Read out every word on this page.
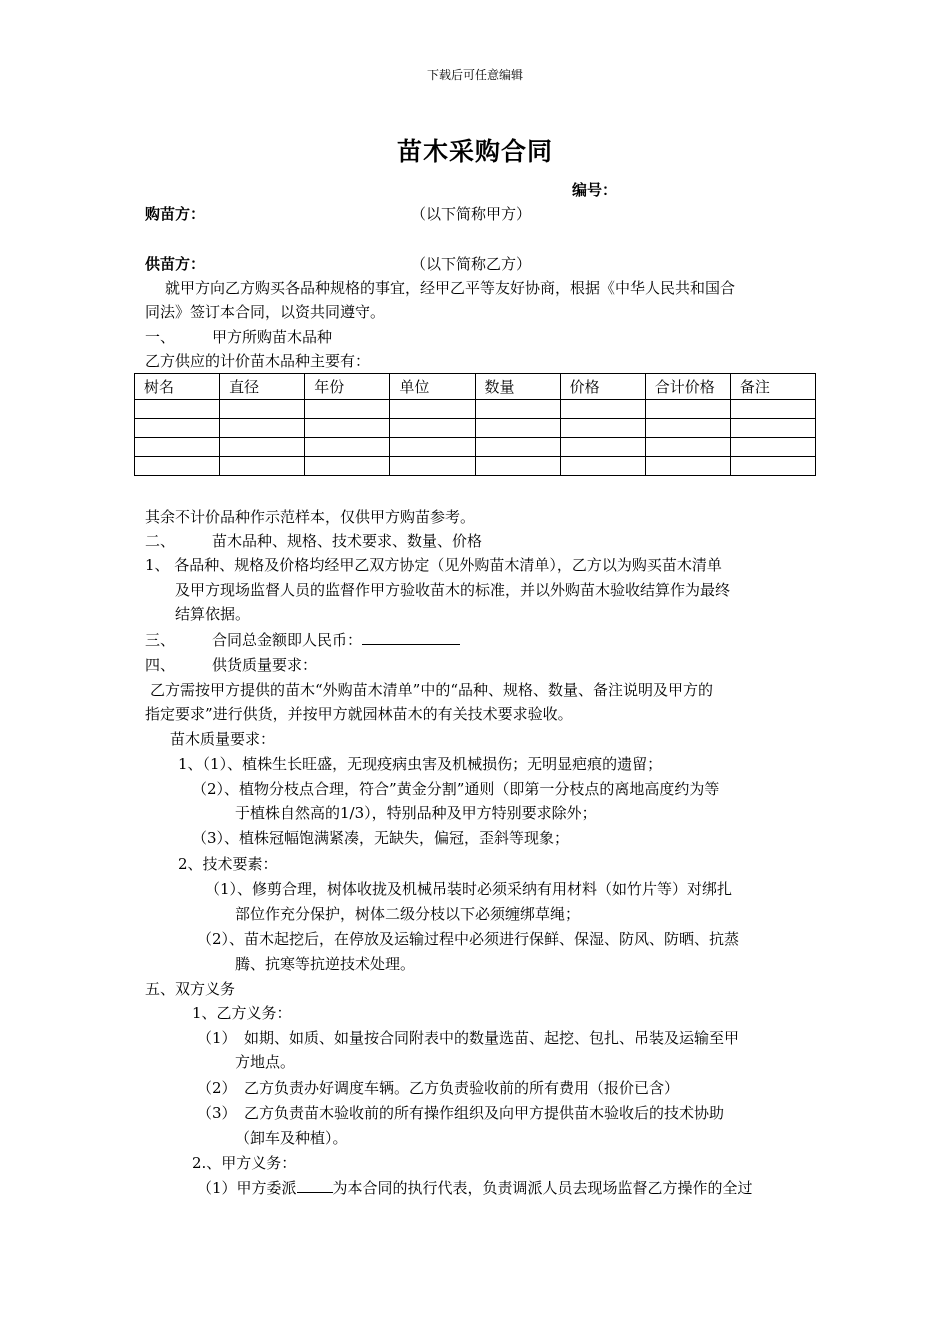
下载后可任意编辑
苗木采购合同
编号：
购苗方：	（以下简称甲方）
供苗方：	（以下简称乙方）
就甲方向乙方购买各品种规格的事宜，经甲乙平等友好协商，根据《中华人民共和国合
同法》签订本合同，以资共同遵守。
一、 甲方所购苗木品种
乙方供应的计价苗木品种主要有：
树名	直径	年份	单位	数量	价格	合计价格	备注

其余不计价品种作示范样本，仅供甲方购苗参考。
二、 苗木品种、规格、技术要求、数量、价格
1、 各品种、规格及价格均经甲乙双方协定（见外购苗木清单），乙方以为购买苗木清单
及甲方现场监督人员的监督作甲方验收苗木的标准，并以外购苗木验收结算作为最终
结算依据。
三、 合同总金额即人民币：
四、 供货质量要求：
乙方需按甲方提供的苗木“外购苗木清单”中的“品种、规格、数量、备注说明及甲方的
指定要求”进行供货，并按甲方就园林苗木的有关技术要求验收。
苗木质量要求：
1、（1）、植株生长旺盛，无现疫病虫害及机械损伤；无明显疤痕的遗留；
（2）、植物分枝点合理，符合”黄金分割”通则（即第一分枝点的离地高度约为等
于植株自然高的1/3），特别品种及甲方特别要求除外；
（3）、植株冠幅饱满紧凑，无缺失，偏冠，歪斜等现象；
2、技术要素：
（1）、修剪合理，树体收拢及机械吊装时必须采纳有用材料（如竹片等）对绑扎
部位作充分保护，树体二级分枝以下必须缠绑草绳；
（2）、苗木起挖后，在停放及运输过程中必须进行保鲜、保湿、防风、防晒、抗蒸
腾、抗寒等抗逆技术处理。
五、双方义务
1、乙方义务：
（1）　如期、如质、如量按合同附表中的数量选苗、起挖、包扎、吊装及运输至甲
方地点。
（2）　乙方负责办好调度车辆。乙方负责验收前的所有费用（报价已含）
（3）　乙方负责苗木验收前的所有操作组织及向甲方提供苗木验收后的技术协助
（卸车及种植）。
2.、甲方义务：
（1）甲方委派 为本合同的执行代表，负责调派人员去现场监督乙方操作的全过
